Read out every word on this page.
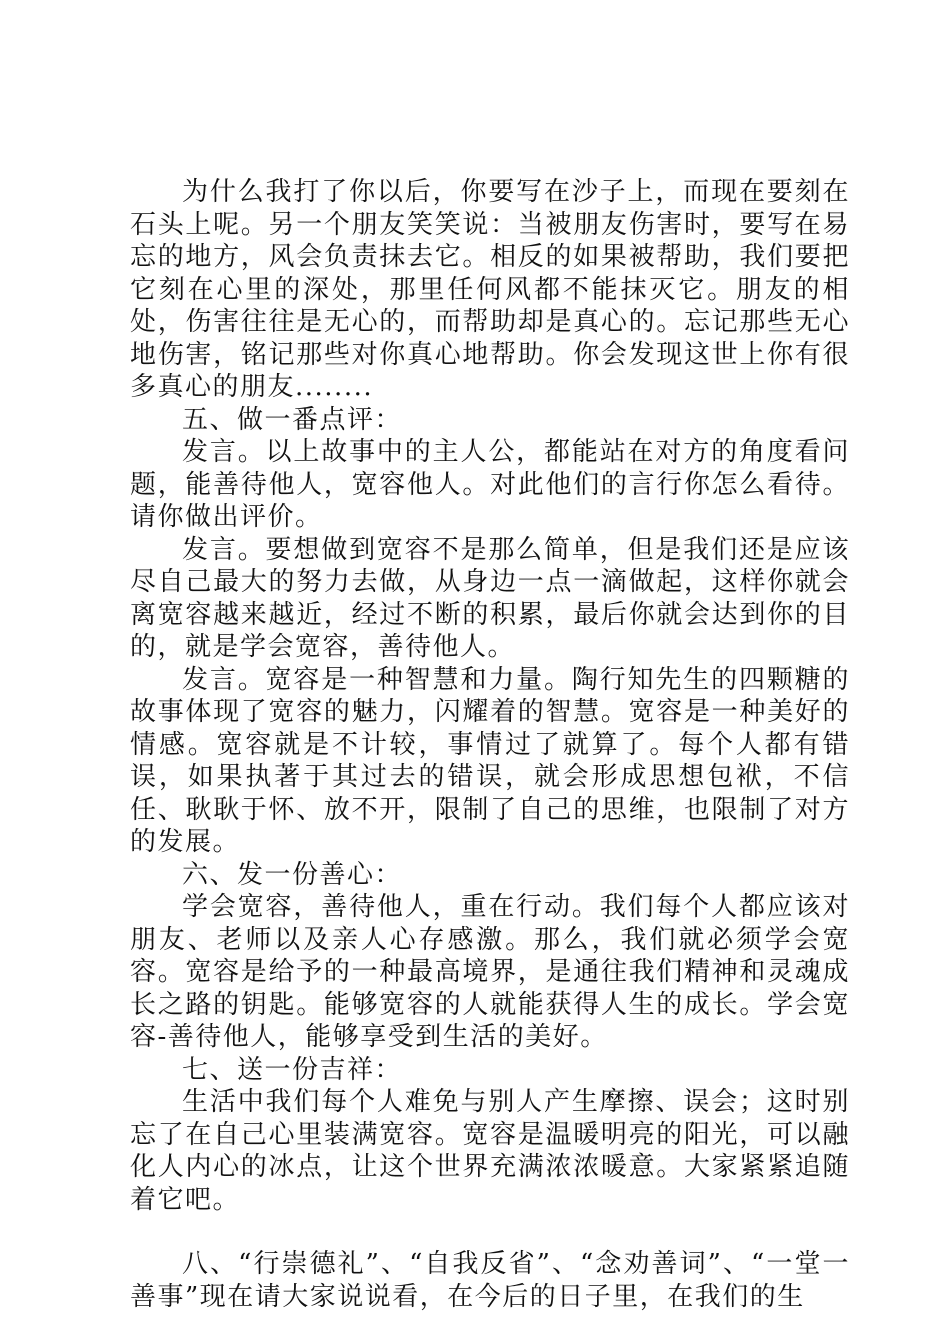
为什么我打了你以后，你要写在沙子上，而现在要刻在石头上呢。另一个朋友笑笑说：当被朋友伤害时，要写在易忘的地方，风会负责抹去它。相反的如果被帮助，我们要把它刻在心里的深处，那里任何风都不能抹灭它。朋友的相处，伤害往往是无心的，而帮助却是真心的。忘记那些无心地伤害，铭记那些对你真心地帮助。你会发现这世上你有很多真心的朋友........

五、做一番点评：

发言。以上故事中的主人公，都能站在对方的角度看问题，能善待他人，宽容他人。对此他们的言行你怎么看待。请你做出评价。

发言。要想做到宽容不是那么简单，但是我们还是应该尽自己最大的努力去做，从身边一点一滴做起，这样你就会离宽容越来越近，经过不断的积累，最后你就会达到你的目的，就是学会宽容，善待他人。

发言。宽容是一种智慧和力量。陶行知先生的四颗糖的故事体现了宽容的魅力，闪耀着的智慧。宽容是一种美好的情感。宽容就是不计较，事情过了就算了。每个人都有错误，如果执著于其过去的错误，就会形成思想包袱，不信任、耿耿于怀、放不开，限制了自己的思维，也限制了对方的发展。

六、发一份善心：

学会宽容，善待他人，重在行动。我们每个人都应该对朋友、老师以及亲人心存感激。那么，我们就必须学会宽容。宽容是给予的一种最高境界，是通往我们精神和灵魂成长之路的钥匙。能够宽容的人就能获得人生的成长。学会宽容-善待他人，能够享受到生活的美好。

七、送一份吉祥：

生活中我们每个人难免与别人产生摩擦、误会；这时别忘了在自己心里装满宽容。宽容是温暖明亮的阳光，可以融化人内心的冰点，让这个世界充满浓浓暖意。大家紧紧追随着它吧。

八、“行崇德礼”、“自我反省”、“念劝善词”、“一堂一善事”现在请大家说说看，在今后的日子里，在我们的生
